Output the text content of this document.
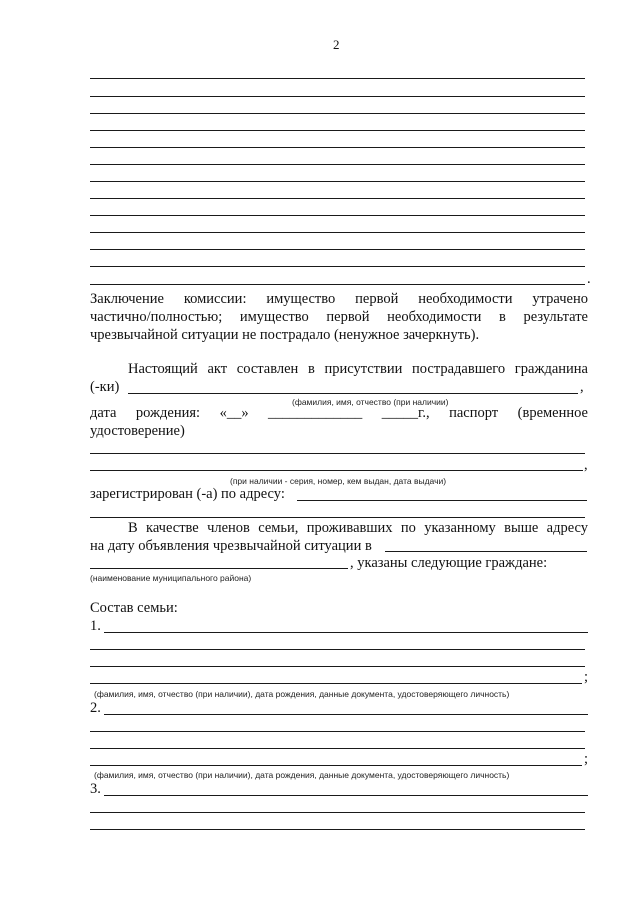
2
.
Заключение комиссии: имущество первой необходимости утрачено
частично/полностью; имущество первой необходимости в результате
чрезвычайной ситуации не пострадало (ненужное зачеркнуть).
Настоящий акт составлен в присутствии пострадавшего гражданина
(-ки)	,
(фамилия, имя, отчество (при наличии)
дата рождения: «__» _____________ _____г., паспорт (временное
удостоверение)
,
(при наличии - серия, номер, кем выдан, дата выдачи)
зарегистрирован (-а) по адресу:
В качестве членов семьи, проживавших по указанному выше адресу
на дату объявления чрезвычайной ситуации в
, указаны следующие граждане:
(наименование муниципального района)
Состав семьи:
1.
;
(фамилия, имя, отчество (при наличии), дата рождения, данные документа, удостоверяющего личность)
2.
;
(фамилия, имя, отчество (при наличии), дата рождения, данные документа, удостоверяющего личность)
3.
